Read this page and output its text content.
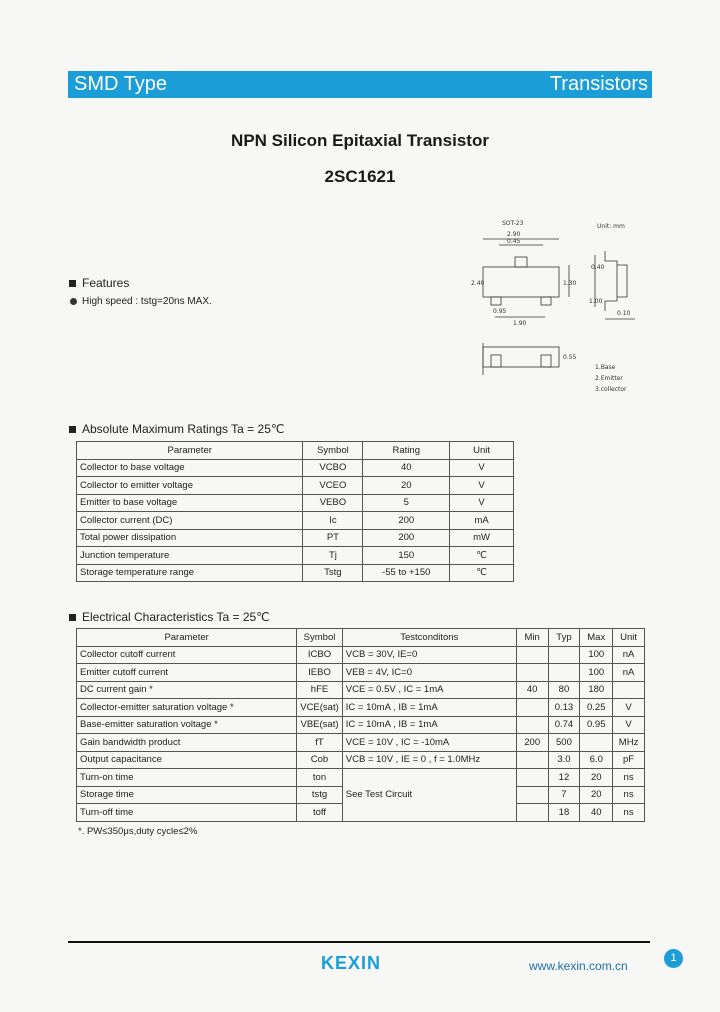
SMD Type	Transistors
NPN Silicon Epitaxial Transistor
2SC1621
SOT-23	Unit: mm
2.90
0.45
2.40	1.30
0.95
1.90
0.40
1.00
0.10
0.55
1.Base
2.Emitter
3.collector
Features
High speed : tstg=20ns MAX.
Absolute Maximum Ratings Ta = 25℃
Parameter	Symbol	Rating	Unit
Collector to base voltage	VCBO	40	V
Collector to emitter voltage	VCEO	20	V
Emitter to base voltage	VEBO	5	V
Collector current (DC)	Ic	200	mA
Total power dissipation	PT	200	mW
Junction temperature	Tj	150	℃
Storage temperature range	Tstg	-55 to +150	℃
Electrical Characteristics Ta = 25℃
Parameter	Symbol	Testconditons	Min	Typ	Max	Unit
Collector cutoff current	ICBO	VCB = 30V, IE=0			100	nA
Emitter cutoff current	IEBO	VEB = 4V, IC=0			100	nA
DC current gain *	hFE	VCE = 0.5V , IC = 1mA	40	80	180	
Collector-emitter saturation voltage *	VCE(sat)	IC = 10mA , IB = 1mA		0.13	0.25	V
Base-emitter saturation voltage *	VBE(sat)	IC = 10mA , IB = 1mA		0.74	0.95	V
Gain bandwidth product	fT	VCE = 10V , IC = -10mA	200	500		MHz
Output capacitance	Cob	VCB = 10V , IE = 0 , f = 1.0MHz		3.0	6.0	pF
Turn-on time	ton	See Test Circuit		12	20	ns
Storage time	tstg			7	20	ns
Turn-off time	toff			18	40	ns
*. PW≤350μs,duty cycle≤2%
KEXIN	www.kexin.com.cn
1
